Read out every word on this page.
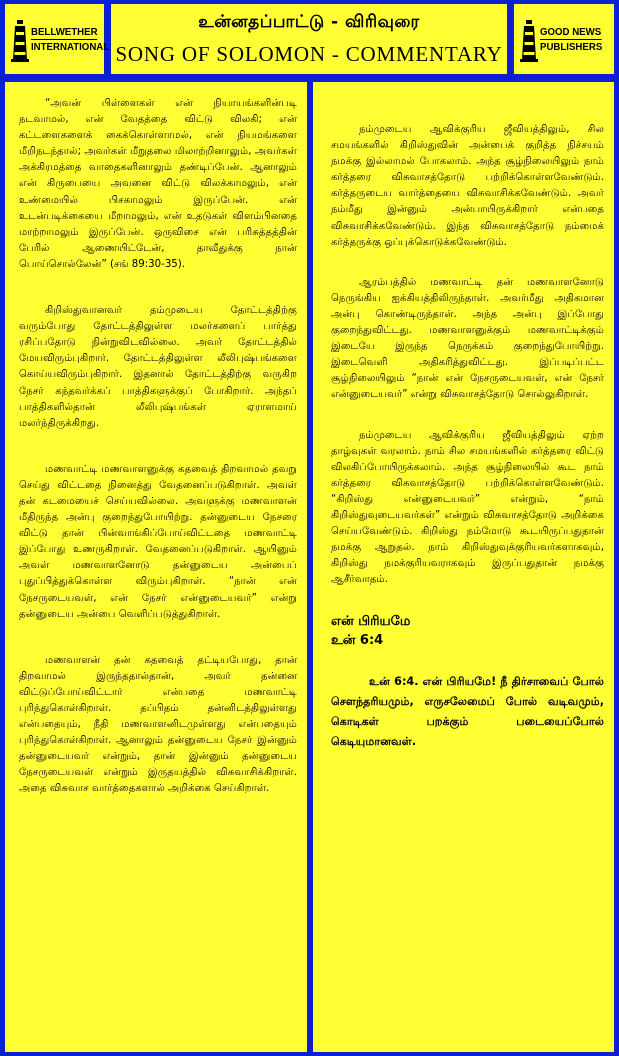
BELLWETHER
INTERNATIONAL
உன்னதப்பாட்டு - விரிவுரை
SONG OF SOLOMON - COMMENTARY
GOOD NEWS
PUBLISHERS

“அவன் பிள்ளைகள் என் நியாயங்களின்படி நடவாமல், என் வேதத்தை விட்டு விலகி; என் கட்டளைகளைக் கைக்கொள்ளாமல், என் நியமங்களை மீறிநடந்தால்; அவர்கள் மீறுதலை மிலாற்றினாலும், அவர்கள் அக்கிரமத்தை வாதைகளினாலும் தண்டிப்பேன். ஆனாலும் என் கிருபையை அவனை விட்டு விலக்காமலும், என் உண்மையில் பிசகாமலும் இருப்பேன். என் உடன்படிக்கையை மீறாமலும், என் உதடுகள் விளம்பினதை மாற்றாமலும் இருப்பேன். ஒருவிசை என் பரிசுத்தத்தின் பேரில் ஆணையிட்டேன், தாவீதுக்கு நான் பொய்சொல்லேன்” (சங் 89:30-35).

கிறிஸ்துவானவர் தம்முடைய தோட்டத்திற்கு வரும்போது தோட்டத்திலுள்ள மலர்களைப் பார்த்து ரசிப்பதோடு நின்றுவிடவில்லை. அவர் தோட்டத்தில் மேயவிரும்புகிறார். தோட்டத்திலுள்ள லீலிபுஷ்பங்களை கொய்யவிரும்புகிறார். இதனால் தோட்டத்திற்கு வருகிற நேசர் கந்தவர்க்கப் பாத்திகளுக்குப் போகிறார். அந்தப் பாத்திகளில்தான் லீலிபுஷ்பங்கள் ஏராளமாய் மலர்ந்திருக்கிறது.

மணவாட்டி மணவாளனுக்கு கதவைத் திறவாமல் தவறு செய்து விட்டதை நினைத்து வேதனைப்படுகிறாள். அவள் தன் கடமையைச் செய்யவில்லை. அவளுக்கு மணவாளன் மீதிருந்த அன்பு குறைந்துபோயிற்று. தன்னுடைய நேசரை விட்டு தான் பின்வாங்கிப்போய்விட்டதை மணவாட்டி இப்போது உணருகிறாள். வேதனைப்படுகிறாள். ஆயினும் அவள் மணவாளனோடு தன்னுடைய அன்பைப் புதுப்பித்துக்கொள்ள விரும்புகிறாள். “நான் என் நேசருடையவள், என் நேசர் என்னுடையவர்” என்று தன்னுடைய அன்பை வெளிப்படுத்துகிறாள்.

மணவாளன் தன் கதவைத் தட்டியபோது, தான் திறவாமல் இருந்ததால்தான், அவர் தன்னை விட்டுப்போய்விட்டார் என்பதை மணவாட்டி புரிந்துகொள்கிறாள். தப்பிதம் தன்னிடத்திலுள்ளது என்பதையும், நீதி மணவாளனிடமுள்ளது என்பதையும் புரிந்துகொள்கிறாள். ஆனாலும் தன்னுடைய நேசர் இன்னும் தன்னுடையவர் என்றும், தான் இன்னும் தன்னுடைய நேசருடையவள் என்றும் இருதயத்தில் விசுவாசிக்கிறாள். அதை விசுவாச வார்த்தைகளால் அறிக்கை செய்கிறாள்.

நம்முடைய ஆவிக்குரிய ஜீவியத்திலும், சில சமயங்களில் கிறிஸ்துவின் அன்பைக் குறித்த நிச்சயம் நமக்கு இல்லாமல் போகலாம். அந்த சூழ்நிலையிலும் நாம் கர்த்தரை விசுவாசத்தோடு பற்றிக்கொள்ளவேண்டும். கர்த்தருடைய வார்த்தையை விசுவாசிக்கவேண்டும். அவர் நம்மீது இன்னும் அன்பாயிருக்கிறார் என்பதை விசுவாசிக்கவேண்டும். இந்த விசுவாசத்தோடு நம்மைக் கர்த்தருக்கு ஒப்புக்கொடுக்கவேண்டும்.

ஆரம்பத்தில் மணவாட்டி தன் மணவாளனோடு நெருங்கிய ஐக்கியத்திலிருந்தாள். அவர்மீது அதிகமான அன்பு கொண்டிருந்தாள். அந்த அன்பு இப்போது குறைந்துவிட்டது. மணவாளனுக்கும் மணவாட்டிக்கும் இடையே இருந்த நெருக்கம் குறைந்துபோயிற்று. இடைவெளி அதிகரித்துவிட்டது. இப்படிப்பட்ட சூழ்நிலையிலும் “நான் என் நேசருடையவள், என் நேசர் என்னுடையவர்” என்று விசுவாசத்தோடு சொல்லுகிறாள்.

நம்முடைய ஆவிக்குரிய ஜீவியத்திலும் ஏற்ற தாழ்வுகள் வரலாம். நாம் சில சமயங்களில் கர்த்தரை விட்டு விலகிப்போயிருக்கலாம். அந்த சூழ்நிலையில் கூட நாம் கர்த்தரை விசுவாசத்தோடு பற்றிக்கொள்ளவேண்டும். “கிறிஸ்து என்னுடையவர்” என்றும், “நாம் கிறிஸ்துவுடையவர்கள்” என்றும் விசுவாசத்தோடு அறிக்கை செய்யவேண்டும். கிறிஸ்து நம்மோடு கூடயிருப்பதுதான் நமக்கு ஆறுதல். நாம் கிறிஸ்துவுக்குரியவர்களாகவும், கிறிஸ்து நமக்குரியவராகவும் இருப்பதுதான் நமக்கு ஆசீர்வாதம்.

என் பிரியமே
உன் 6:4

உன் 6:4. என் பிரியமே! நீ திர்சாவைப் போல் சௌந்தரியமும், எருசலேமைப் போல் வடிவமும், கொடிகள் பறக்கும் படையைப்போல் கெடியுமானவள்.
